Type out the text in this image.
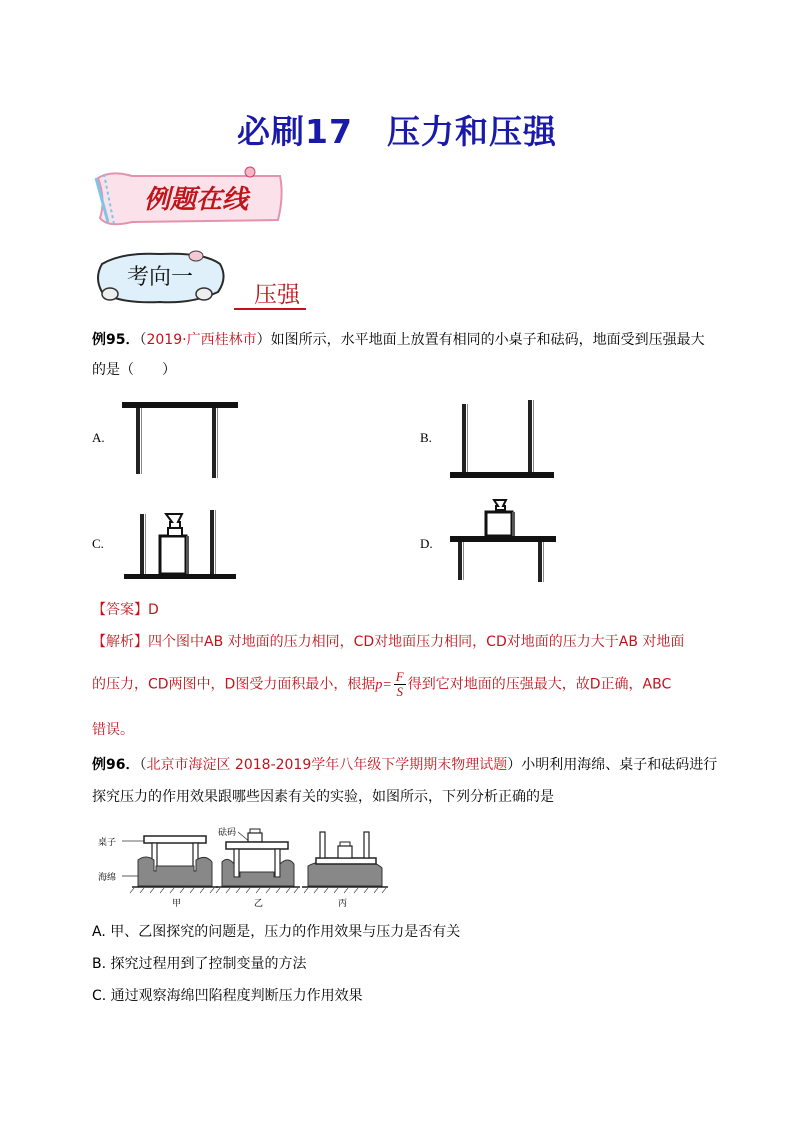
必刷17　压力和压强
例题在线
考向一
压强
例95．（2019·广西桂林市）如图所示，水平地面上放置有相同的小桌子和砝码，地面受到压强最大
的是（　　）
A.	B.
C.	D.
【答案】D
【解析】四个图中AB 对地面的压力相同，CD对地面压力相同，CD对地面的压力大于AB 对地面
的压力，CD两图中，D图受力面积最小，根据$p= \frac{F}{S}$ 得到它对地面的压强最大，故D正确，ABC
错误。
例96．（北京市海淀区 2018-2019学年八年级下学期期末物理试题）小明利用海绵、桌子和砝码进行
探究压力的作用效果跟哪些因素有关的实验，如图所示，下列分析正确的是
桌子
砝码
海绵
甲	乙	丙
A. 甲、乙图探究的问题是，压力的作用效果与压力是否有关
B. 探究过程用到了控制变量的方法
C. 通过观察海绵凹陷程度判断压力作用效果
